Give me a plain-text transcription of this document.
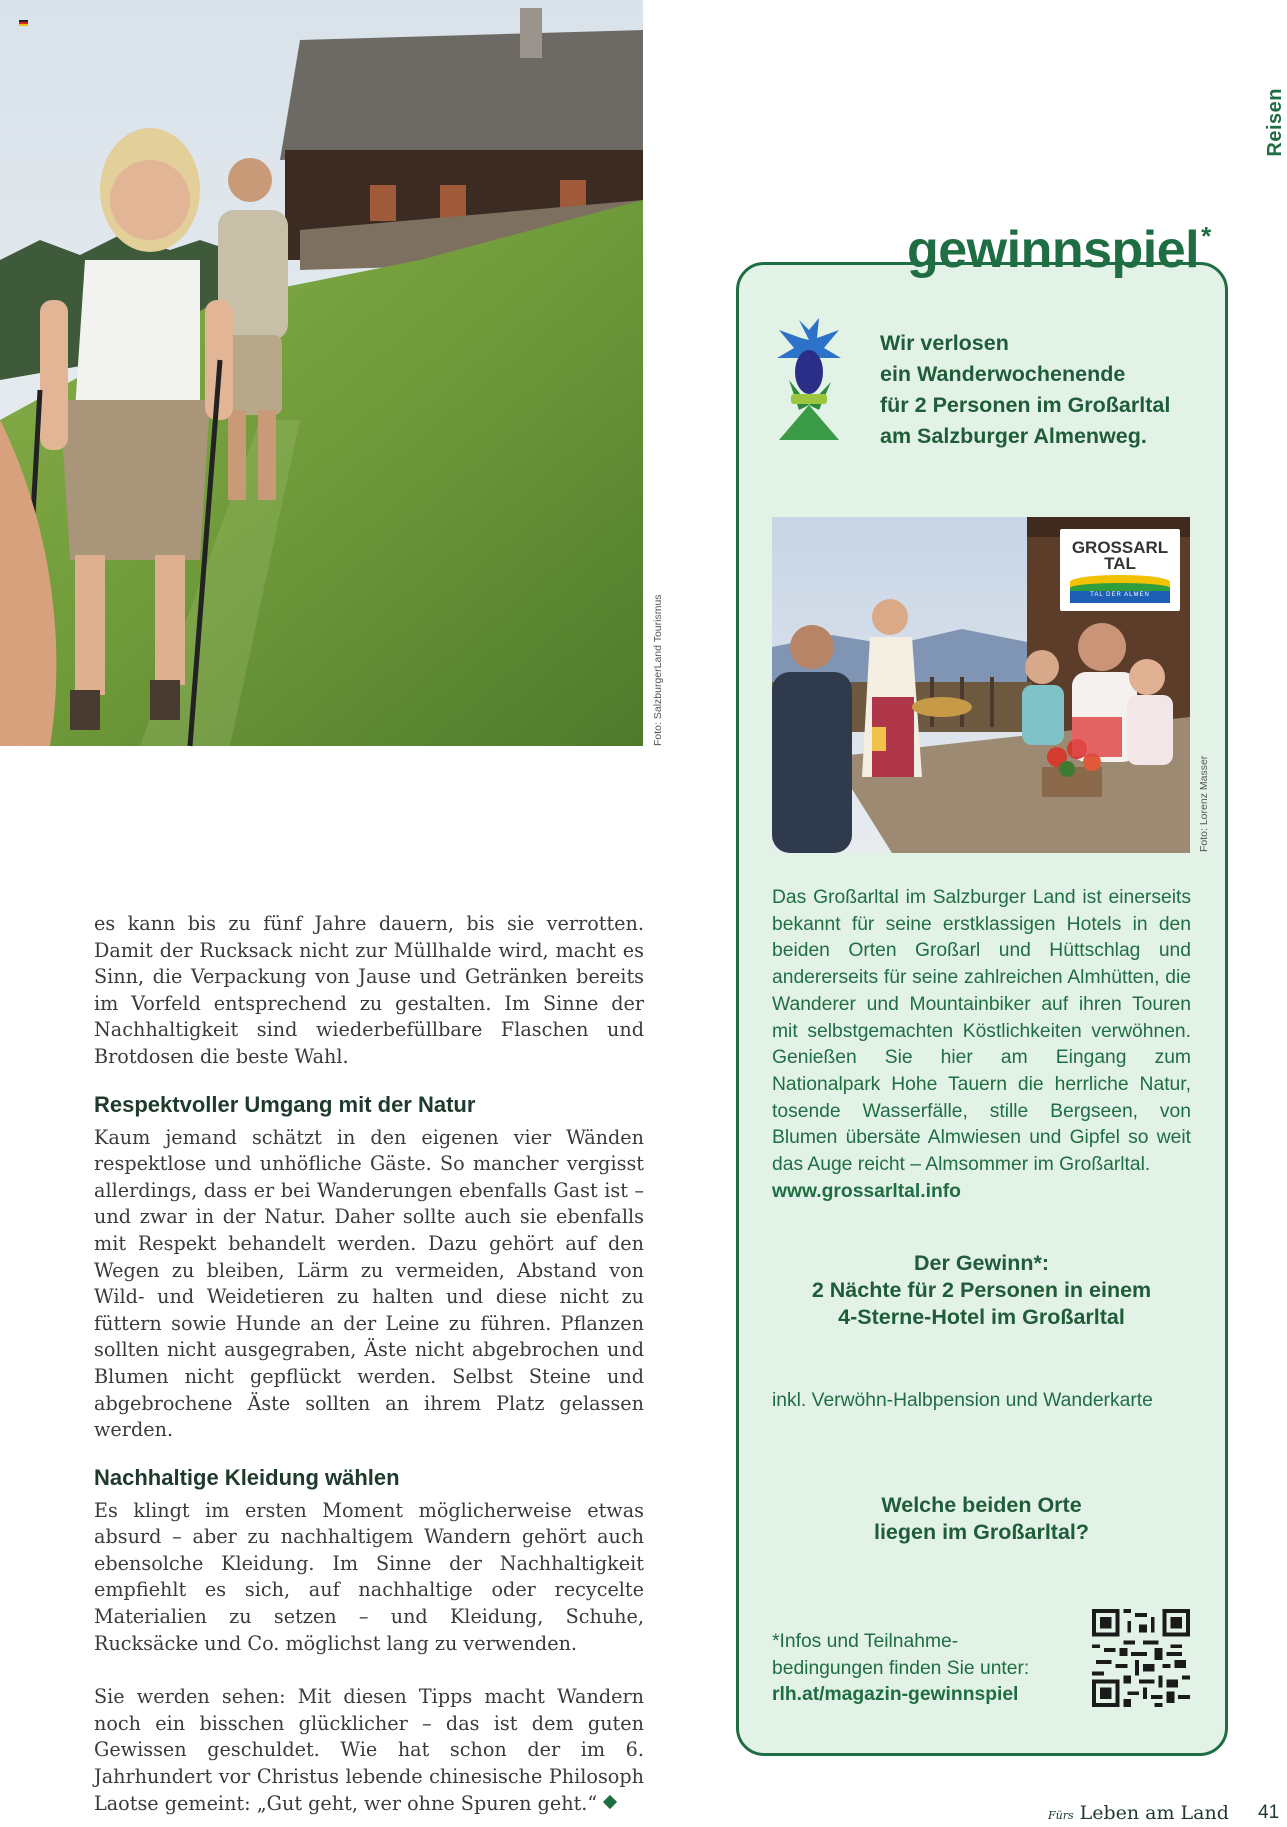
Foto: SalzburgerLand Tourismus
Reisen

es kann bis zu fünf Jahre dauern, bis sie verrotten. Damit der Rucksack nicht zur Müllhalde wird, macht es Sinn, die Verpackung von Jause und Getränken bereits im Vorfeld entsprechend zu gestalten. Im Sinne der Nachhaltigkeit sind wiederbefüllbare Flaschen und Brotdosen die beste Wahl.

Respektvoller Umgang mit der Natur

Kaum jemand schätzt in den eigenen vier Wänden respektlose und unhöfliche Gäste. So mancher vergisst allerdings, dass er bei Wanderungen ebenfalls Gast ist – und zwar in der Natur. Daher sollte auch sie ebenfalls mit Respekt behandelt werden. Dazu gehört auf den Wegen zu bleiben, Lärm zu vermeiden, Abstand von Wild- und Weidetieren zu halten und diese nicht zu füttern sowie Hunde an der Leine zu führen. Pflanzen sollten nicht ausgegraben, Äste nicht abgebrochen und Blumen nicht gepflückt werden. Selbst Steine und abgebrochene Äste sollten an ihrem Platz gelassen werden.

Nachhaltige Kleidung wählen

Es klingt im ersten Moment möglicherweise etwas absurd – aber zu nachhaltigem Wandern gehört auch ebensolche Kleidung. Im Sinne der Nachhaltigkeit empfiehlt es sich, auf nachhaltige oder recycelte Materialien zu setzen – und Kleidung, Schuhe, Rucksäcke und Co. möglichst lang zu verwenden.

Sie werden sehen: Mit diesen Tipps macht Wandern noch ein bisschen glücklicher – das ist dem guten Gewissen geschuldet. Wie hat schon der im 6. Jahrhundert vor Christus lebende chinesische Philosoph Laotse gemeint: „Gut geht, wer ohne Spuren geht.“

gewinnspiel*
Wir verlosen
ein Wanderwochenende
für 2 Personen im Großarltal
am Salzburger Almenweg.
GROSSARL
TAL
TAL DER ALMEN
Foto: Lorenz Masser
Das Großarltal im Salzburger Land ist einerseits bekannt für seine erstklassigen Hotels in den beiden Orten Großarl und Hüttschlag und andererseits für seine zahlreichen Almhütten, die Wanderer und Mountainbiker auf ihren Touren mit selbstgemachten Köstlichkeiten verwöhnen. Genießen Sie hier am Eingang zum Nationalpark Hohe Tauern die herrliche Natur, tosende Wasserfälle, stille Bergseen, von Blumen übersäte Almwiesen und Gipfel so weit das Auge reicht – Almsommer im Großarltal.
www.grossarltal.info
Der Gewinn*:
2 Nächte für 2 Personen in einem
4-Sterne-Hotel im Großarltal
inkl. Verwöhn-Halbpension und Wanderkarte
Welche beiden Orte
liegen im Großarltal?
*Infos und Teilnahme-
bedingungen finden Sie unter:
rlh.at/magazin-gewinnspiel
Fürs Leben am Land 41
